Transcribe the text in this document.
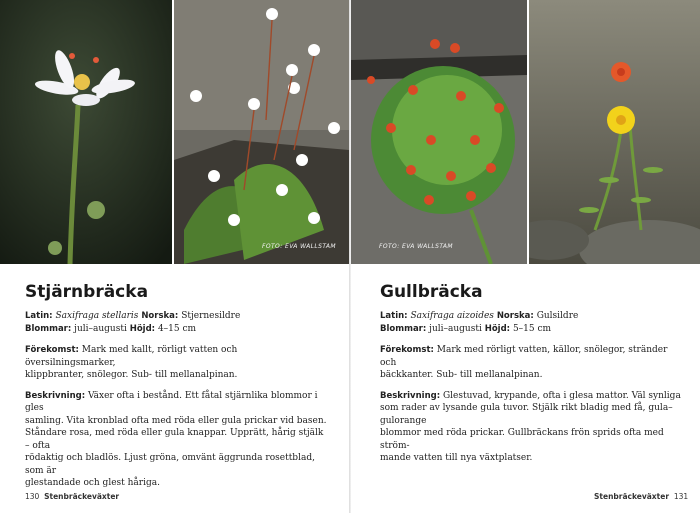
FOTO: EVA WALLSTAM	FOTO: EVA WALLSTAM
Stjärnbräcka
Latin: Saxifraga stellaris Norska: Stjernesildre
Blommar: juli–augusti Höjd: 4–15 cm
Förekomst: Mark med kallt, rörligt vatten och översilningsmarker,
klippbranter, snölegor. Sub- till mellanalpinan.
Beskrivning: Växer ofta i bestånd. Ett fåtal stjärnlika blommor i gles
samling. Vita kronblad ofta med röda eller gula prickar vid basen.
Ståndare rosa, med röda eller gula knappar. Upprätt, hårig stjälk – ofta
rödaktig och bladlös. Ljust gröna, omvänt äggrunda rosettblad, som är
glestandade och glest håriga.
Gullbräcka
Latin: Saxifraga aizoides Norska: Gulsildre
Blommar: juli–augusti Höjd: 5–15 cm
Förekomst: Mark med rörligt vatten, källor, snölegor, stränder och
bäckkanter. Sub- till mellanalpinan.
Beskrivning: Glestuvad, krypande, ofta i glesa mattor. Väl synliga
som rader av lysande gula tuvor. Stjälk rikt bladig med få, gula–gulorange
blommor med röda prickar. Gullbräckans frön sprids ofta med ström-
mande vatten till nya växtplatser.
130 Stenbräckeväxter	Stenbräckeväxter 131
